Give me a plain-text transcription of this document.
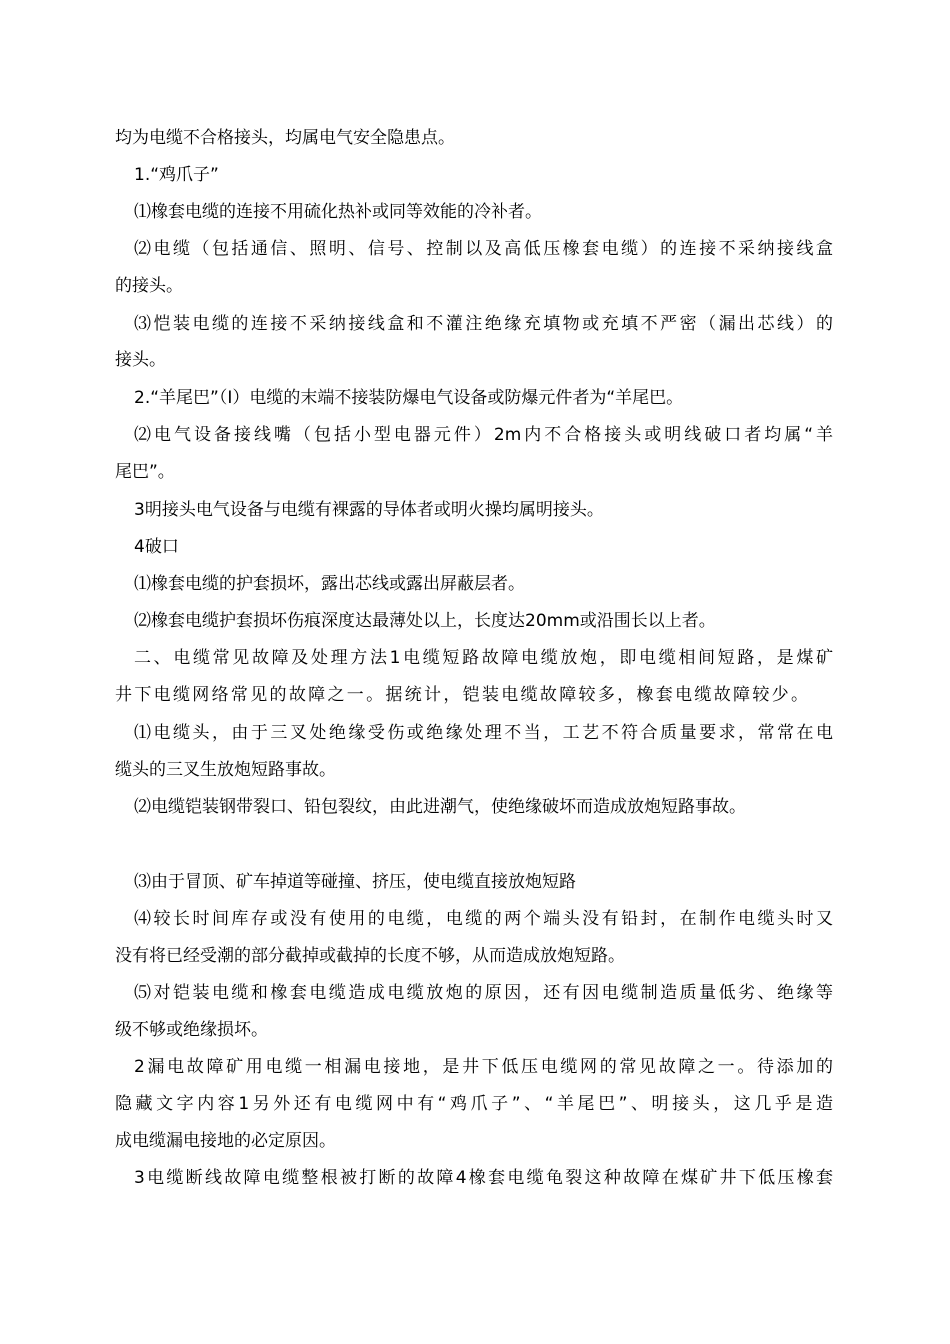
均为电缆不合格接头，均属电气安全隐患点。
1.“鸡爪子”
⑴橡套电缆的连接不用硫化热补或同等效能的冷补者。
⑵电缆（包括通信、照明、信号、控制以及高低压橡套电缆）的连接不采纳接线盒
的接头。
⑶恺装电缆的连接不采纳接线盒和不灌注绝缘充填物或充填不严密（漏出芯线）的
接头。
2.“羊尾巴”（I）电缆的末端不接装防爆电气设备或防爆元件者为“羊尾巴。
⑵电气设备接线嘴（包括小型电器元件）2m内不合格接头或明线破口者均属“羊
尾巴”。
3明接头电气设备与电缆有裸露的导体者或明火操均属明接头。
4破口
⑴橡套电缆的护套损坏，露出芯线或露出屏蔽层者。
⑵橡套电缆护套损坏伤痕深度达最薄处以上，长度达20mm或沿围长以上者。
二、电缆常见故障及处理方法1电缆短路故障电缆放炮，即电缆相间短路，是煤矿
井下电缆网络常见的故障之一。据统计，铠装电缆故障较多，橡套电缆故障较少。
⑴电缆头，由于三叉处绝缘受伤或绝缘处理不当，工艺不符合质量要求，常常在电
缆头的三叉生放炮短路事故。
⑵电缆铠装钢带裂口、铅包裂纹，由此进潮气，使绝缘破坏而造成放炮短路事故。
⑶由于冒顶、矿车掉道等碰撞、挤压，使电缆直接放炮短路
⑷较长时间库存或没有使用的电缆，电缆的两个端头没有铅封，在制作电缆头时又
没有将已经受潮的部分截掉或截掉的长度不够，从而造成放炮短路。
⑸对铠装电缆和橡套电缆造成电缆放炮的原因，还有因电缆制造质量低劣、绝缘等
级不够或绝缘损坏。
2漏电故障矿用电缆一相漏电接地，是井下低压电缆网的常见故障之一。待添加的
隐藏文字内容1另外还有电缆网中有“鸡爪子”、“羊尾巴”、明接头，这几乎是造
成电缆漏电接地的必定原因。
3电缆断线故障电缆整根被打断的故障4橡套电缆龟裂这种故障在煤矿井下低压橡套
